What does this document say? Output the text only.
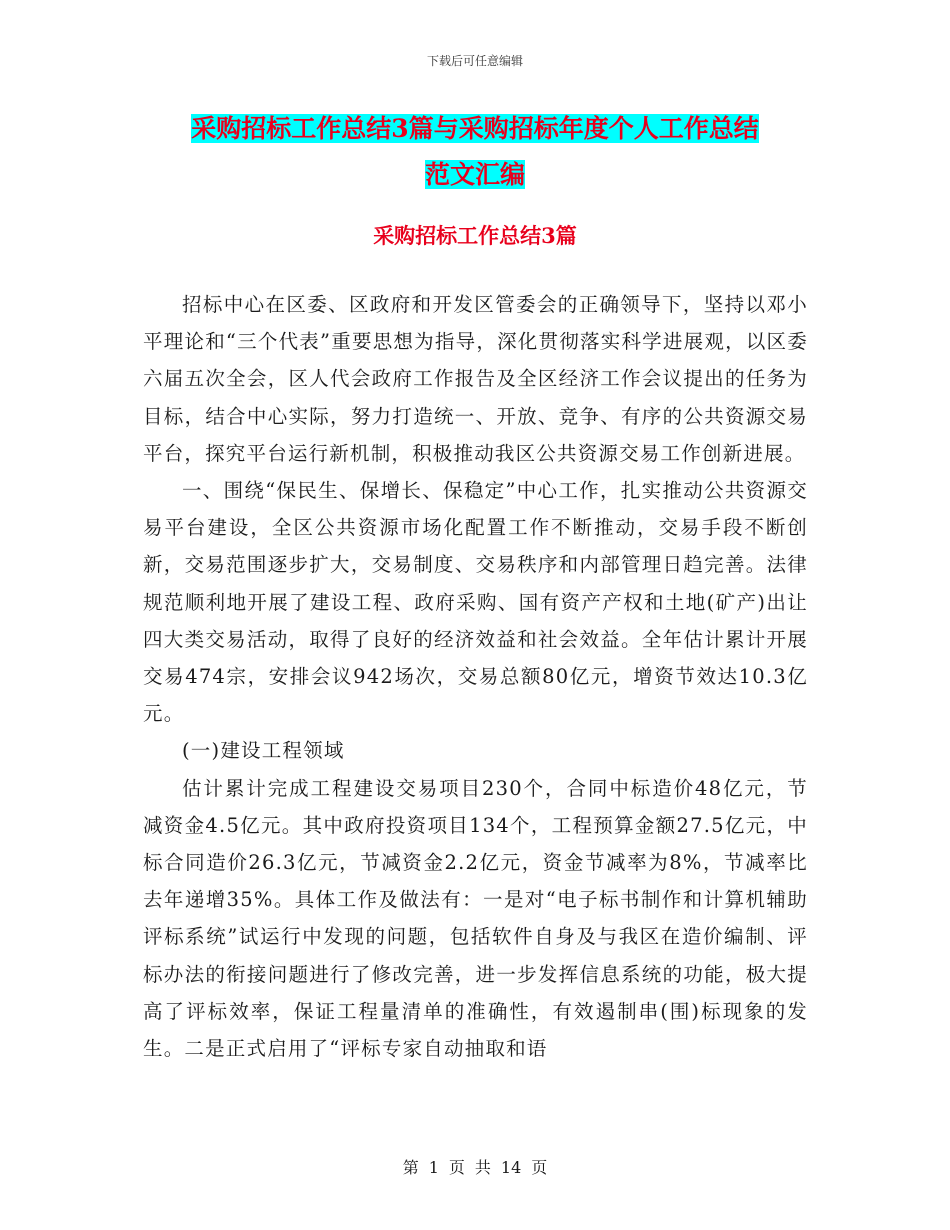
下载后可任意编辑
采购招标工作总结3篇与采购招标年度个人工作总结
范文汇编
采购招标工作总结3篇

招标中心在区委、区政府和开发区管委会的正确领导下，坚持以邓小平理论和“三个代表”重要思想为指导，深化贯彻落实科学进展观，以区委六届五次全会，区人代会政府工作报告及全区经济工作会议提出的任务为目标，结合中心实际，努力打造统一、开放、竞争、有序的公共资源交易平台，探究平台运行新机制，积极推动我区公共资源交易工作创新进展。

一、围绕“保民生、保增长、保稳定”中心工作，扎实推动公共资源交易平台建设，全区公共资源市场化配置工作不断推动，交易手段不断创新，交易范围逐步扩大，交易制度、交易秩序和内部管理日趋完善。法律规范顺利地开展了建设工程、政府采购、国有资产产权和土地(矿产)出让四大类交易活动，取得了良好的经济效益和社会效益。全年估计累计开展交易474宗，安排会议942场次，交易总额80亿元，增资节效达10.3亿元。

(一)建设工程领域

估计累计完成工程建设交易项目230个，合同中标造价48亿元，节减资金4.5亿元。其中政府投资项目134个，工程预算金额27.5亿元，中标合同造价26.3亿元，节减资金2.2亿元，资金节减率为8%，节减率比去年递增35%。具体工作及做法有：一是对“电子标书制作和计算机辅助评标系统”试运行中发现的问题，包括软件自身及与我区在造价编制、评标办法的衔接问题进行了修改完善，进一步发挥信息系统的功能，极大提高了评标效率，保证工程量清单的准确性，有效遏制串(围)标现象的发生。二是正式启用了“评标专家自动抽取和语

第 1 页 共 14 页
